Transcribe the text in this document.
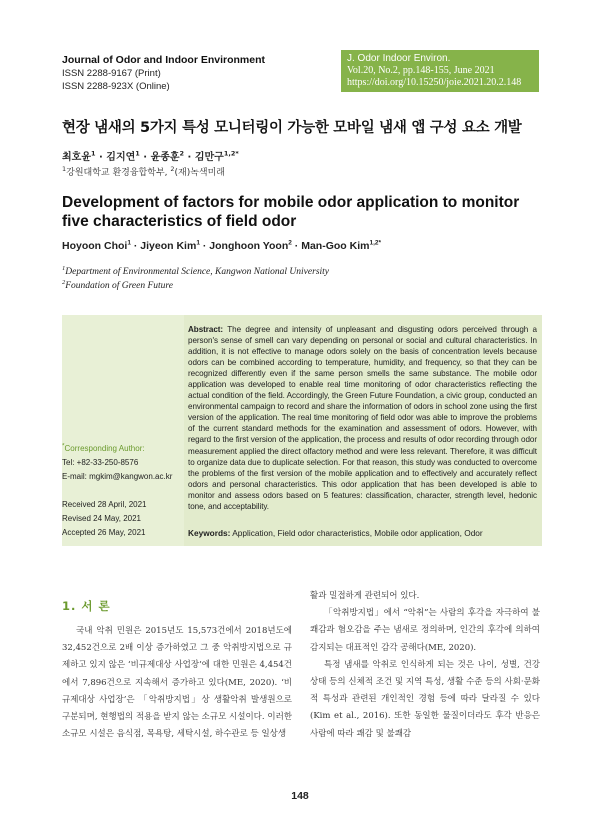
Journal of Odor and Indoor Environment
ISSN 2288-9167 (Print)
ISSN 2288-923X (Online)
J. Odor Indoor Environ.
Vol.20, No.2, pp.148-155, June 2021
https://doi.org/10.15250/joie.2021.20.2.148
현장 냄새의 5가지 특성 모니터링이 가능한 모바일 냄새 앱 구성 요소 개발
최호윤$^1$ · 김지연$^1$ · 윤종훈$^2$ · 김만구$^{1,2*}$
$^1$강원대학교 환경융합학부, $^2$(재)녹색미래
Development of factors for mobile odor application to monitor five characteristics of field odor
Hoyoon Choi$^1$ · Jiyeon Kim$^1$ · Jonghoon Yoon$^2$ · Man-Goo Kim$^{1,2*}$
$^1$Department of Environmental Science, Kangwon National University
$^2$Foundation of Green Future
*Corresponding Author:
Tel: +82-33-250-8576
E-mail: mgkim@kangwon.ac.kr
Received 28 April, 2021
Revised 24 May, 2021
Accepted 26 May, 2021
Abstract: The degree and intensity of unpleasant and disgusting odors perceived through a person's sense of smell can vary depending on personal or social and cultural characteristics. In addition, it is not effective to manage odors solely on the basis of concentration levels because odors can be combined according to temperature, humidity, and frequency, so that they can be recognized differently even if the same person smells the same substance. The mobile odor application was developed to enable real time monitoring of odor characteristics reflecting the actual condition of the field. Accordingly, the Green Future Foundation, a civic group, conducted an environmental campaign to record and share the information of odors in school zone using the first version of the application. The real time monitoring of field odor was able to improve the problems of the current standard methods for the examination and assessment of odors. However, with regard to the first version of the application, the process and results of odor recording through odor measurement applied the direct olfactory method and were less relevant. Therefore, it was difficult to organize data due to duplicate selection. For that reason, this study was conducted to overcome the problems of the first version of the mobile application and to effectively and accurately reflect odors and personal characteristics. This odor application that has been developed is able to monitor and assess odors based on 5 features: classification, character, strength level, hedonic tone, and acceptability.
Keywords: Application, Field odor characteristics, Mobile odor application, Odor
1. 서 론

국내 악취 민원은 2015년도 15,573건에서 2018년도에 32,452건으로 2배 이상 증가하였고 그 중 악취방지법으로 규제하고 있지 않은 ‘비규제대상 사업장’에 대한 민원은 4,454건에서 7,896건으로 지속해서 증가하고 있다(ME, 2020). ‘비규제대상 사업장’은 「악취방지법」상 생활악취 발생원으로 구분되며, 현행법의 적용을 받지 않는 소규모 시설이다. 이러한 소규모 시설은 음식점, 목욕탕, 세탁시설, 하수관로 등 일상생

활과 밀접하게 관련되어 있다.

「악취방지법」에서 “악취”는 사람의 후각을 자극하여 불쾌감과 혐오감을 주는 냄새로 정의하며, 인간의 후각에 의하여 감지되는 대표적인 감각 공해다(ME, 2020).

특정 냄새를 악취로 인식하게 되는 것은 나이, 성별, 건강 상태 등의 신체적 조건 및 지역 특성, 생활 수준 등의 사회·문화적 특성과 관련된 개인적인 경험 등에 따라 달라질 수 있다(Kim et al., 2016). 또한 동일한 물질이더라도 후각 반응은 사람에 따라 쾌감 및 불쾌감

148
